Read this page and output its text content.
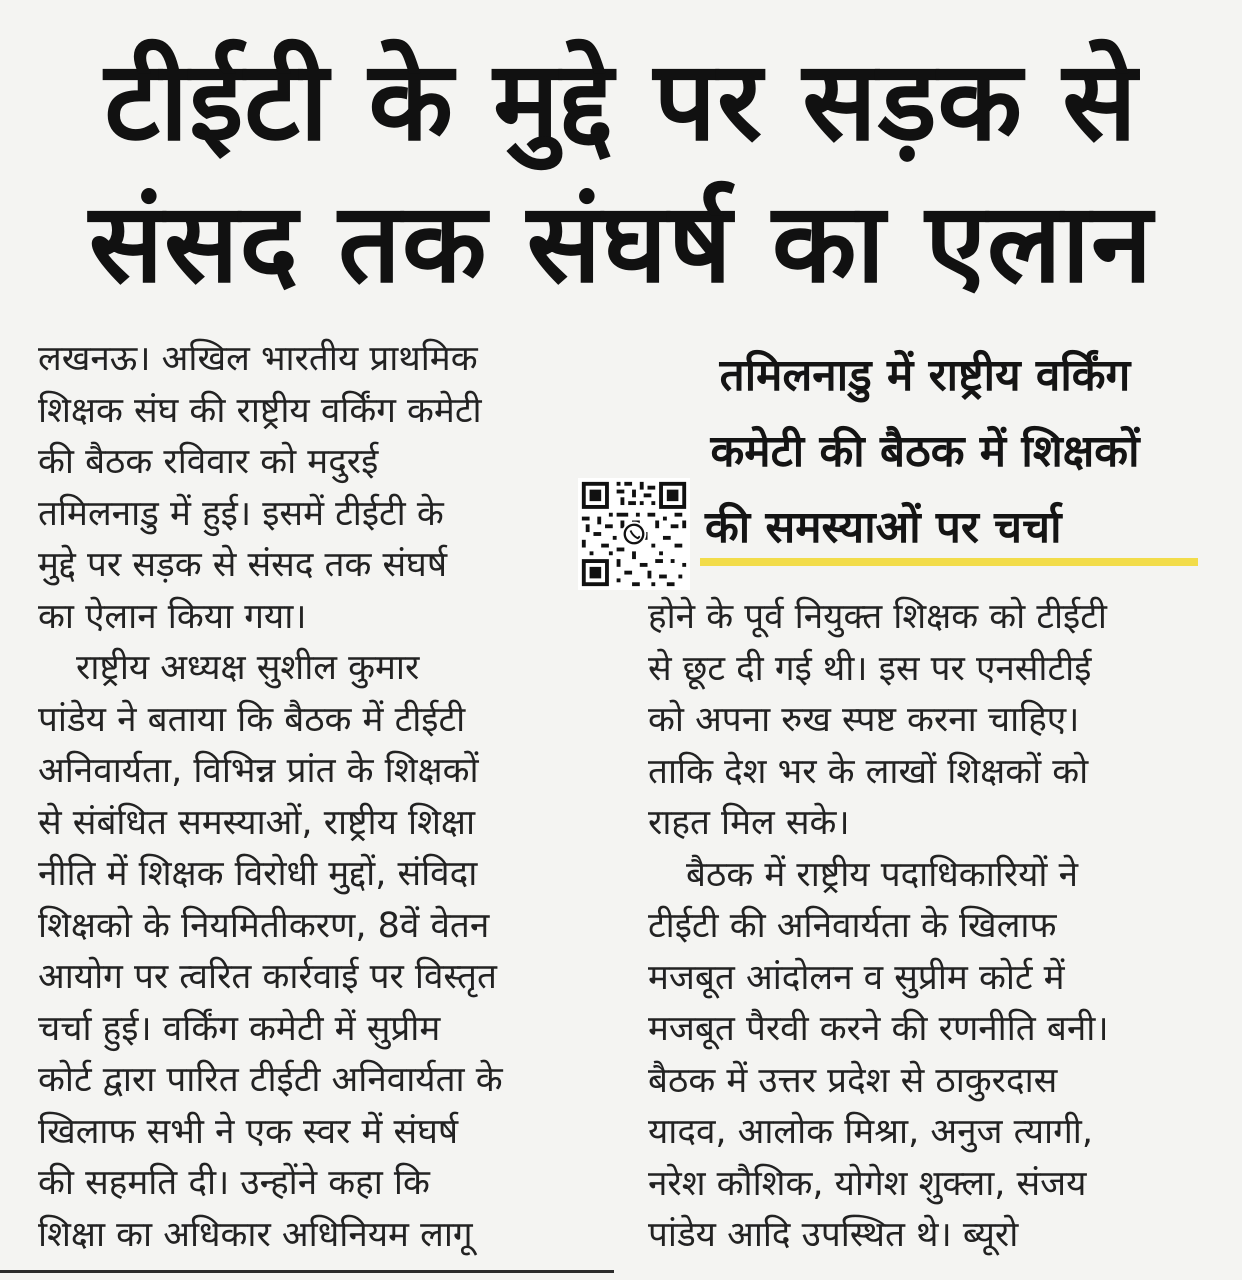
टीईटी के मुद्दे पर सड़क से
संसद तक संघर्ष का एलान
लखनऊ। अखिल भारतीय प्राथमिक
शिक्षक संघ की राष्ट्रीय वर्किंग कमेटी
की बैठक रविवार को मदुरई
तमिलनाडु में हुई। इसमें टीईटी के
मुद्दे पर सड़क से संसद तक संघर्ष
का ऐलान किया गया।
राष्ट्रीय अध्यक्ष सुशील कुमार
पांडेय ने बताया कि बैठक में टीईटी
अनिवार्यता, विभिन्न प्रांत के शिक्षकों
से संबंधित समस्याओं, राष्ट्रीय शिक्षा
नीति में शिक्षक विरोधी मुद्दों, संविदा
शिक्षको के नियमितीकरण, 8वें वेतन
आयोग पर त्वरित कार्रवाई पर विस्तृत
चर्चा हुई। वर्किंग कमेटी में सुप्रीम
कोर्ट द्वारा पारित टीईटी अनिवार्यता के
खिलाफ सभी ने एक स्वर में संघर्ष
की सहमति दी। उन्होंने कहा कि
शिक्षा का अधिकार अधिनियम लागू
तमिलनाडु में राष्ट्रीय वर्किंग
कमेटी की बैठक में शिक्षकों
की समस्याओं पर चर्चा
होने के पूर्व नियुक्त शिक्षक को टीईटी
से छूट दी गई थी। इस पर एनसीटीई
को अपना रुख स्पष्ट करना चाहिए।
ताकि देश भर के लाखों शिक्षकों को
राहत मिल सके।
बैठक में राष्ट्रीय पदाधिकारियों ने
टीईटी की अनिवार्यता के खिलाफ
मजबूत आंदोलन व सुप्रीम कोर्ट में
मजबूत पैरवी करने की रणनीति बनी।
बैठक में उत्तर प्रदेश से ठाकुरदास
यादव, आलोक मिश्रा, अनुज त्यागी,
नरेश कौशिक, योगेश शुक्ला, संजय
पांडेय आदि उपस्थित थे। ब्यूरो
